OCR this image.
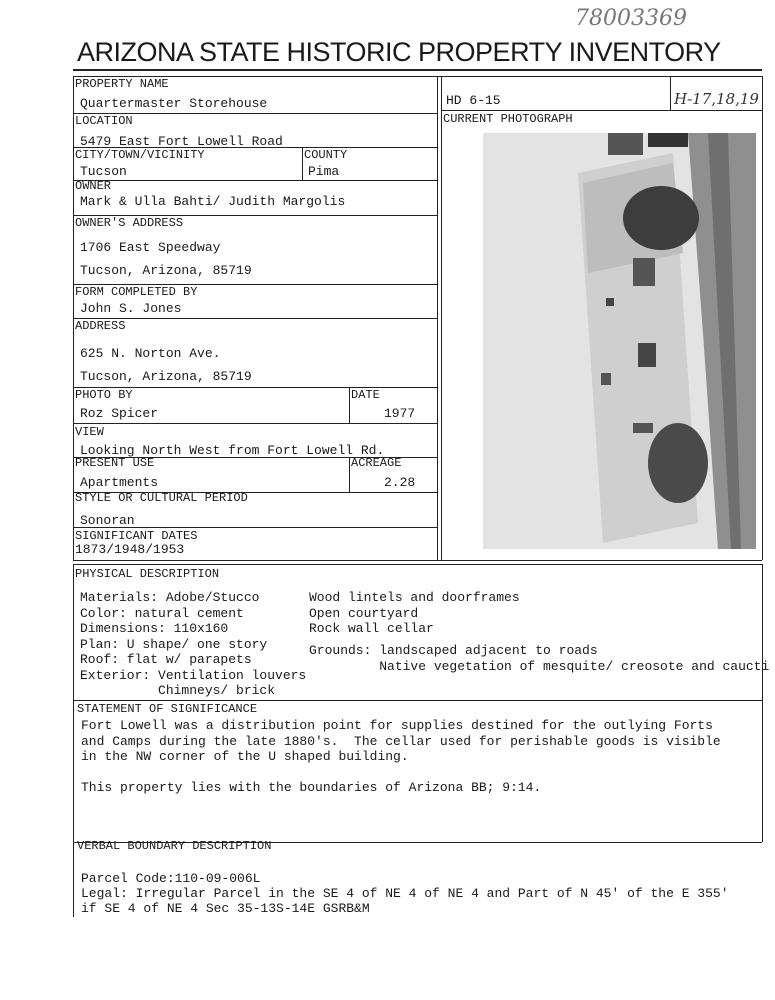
78003369
ARIZONA STATE HISTORIC PROPERTY INVENTORY
PROPERTY NAME
Quartermaster Storehouse	HD 6-15	H-17,18,19
LOCATION
5479 East Fort Lowell Road
CITY/TOWN/VICINITY
Tucson
COUNTY
Pima
OWNER
Mark & Ulla Bahti/ Judith Margolis
OWNER'S ADDRESS
1706 East Speedway
Tucson, Arizona, 85719
FORM COMPLETED BY
John S. Jones
ADDRESS
625 N. Norton Ave.
Tucson, Arizona, 85719
PHOTO BY
Roz Spicer
DATE
1977
VIEW
Looking North West from Fort Lowell Rd.
PRESENT USE
Apartments
ACREAGE
2.28
STYLE OR CULTURAL PERIOD
Sonoran
SIGNIFICANT DATES
1873/1948/1953
CURRENT PHOTOGRAPH
PHYSICAL DESCRIPTION
Materials: Adobe/Stucco
Color: natural cement
Dimensions: 110x160
Plan: U shape/ one story
Roof: flat w/ parapets
Exterior: Ventilation louvers
Chimneys/ brick
Wood lintels and doorframes
Open courtyard
Rock wall cellar
Grounds: landscaped adjacent to roads
Native vegetation of mesquite/ creosote and caucti
STATEMENT OF SIGNIFICANCE
Fort Lowell was a distribution point for supplies destined for the outlying Forts
and Camps during the late 1880's.  The cellar used for perishable goods is visible
in the NW corner of the U shaped building.
This property lies with the boundaries of Arizona BB; 9:14.
VERBAL BOUNDARY DESCRIPTION
Parcel Code:110-09-006L
Legal: Irregular Parcel in the SE 4 of NE 4 of NE 4 and Part of N 45' of the E 355'
if SE 4 of NE 4 Sec 35-13S-14E GSRB&M
